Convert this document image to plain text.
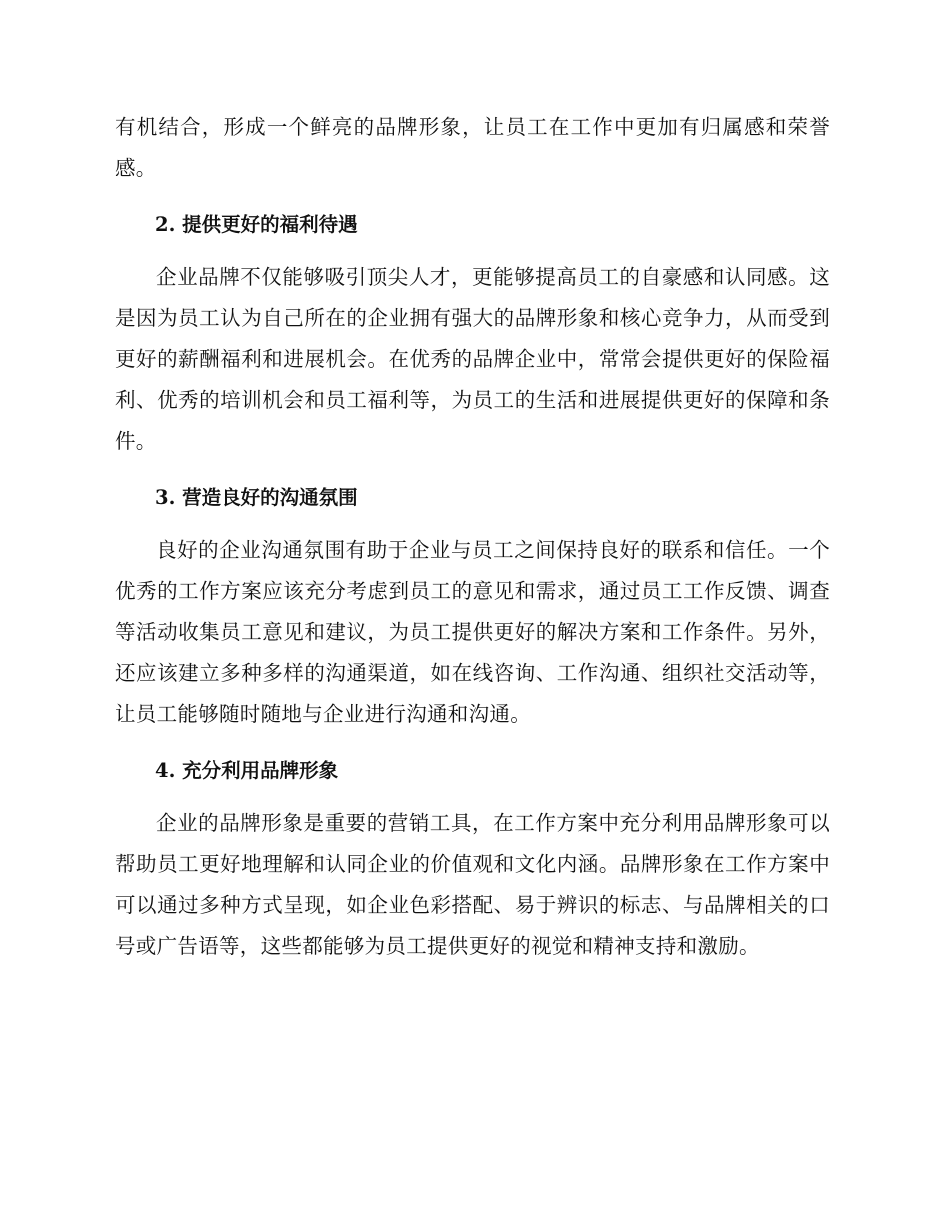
有机结合，形成一个鲜亮的品牌形象，让员工在工作中更加有归属感和荣誉感。

2. 提供更好的福利待遇

企业品牌不仅能够吸引顶尖人才，更能够提高员工的自豪感和认同感。这是因为员工认为自己所在的企业拥有强大的品牌形象和核心竞争力，从而受到更好的薪酬福利和进展机会。在优秀的品牌企业中，常常会提供更好的保险福利、优秀的培训机会和员工福利等，为员工的生活和进展提供更好的保障和条件。

3. 营造良好的沟通氛围

良好的企业沟通氛围有助于企业与员工之间保持良好的联系和信任。一个优秀的工作方案应该充分考虑到员工的意见和需求，通过员工工作反馈、调查等活动收集员工意见和建议，为员工提供更好的解决方案和工作条件。另外，还应该建立多种多样的沟通渠道，如在线咨询、工作沟通、组织社交活动等，让员工能够随时随地与企业进行沟通和沟通。

4. 充分利用品牌形象

企业的品牌形象是重要的营销工具，在工作方案中充分利用品牌形象可以帮助员工更好地理解和认同企业的价值观和文化内涵。品牌形象在工作方案中可以通过多种方式呈现，如企业色彩搭配、易于辨识的标志、与品牌相关的口号或广告语等，这些都能够为员工提供更好的视觉和精神支持和激励。
